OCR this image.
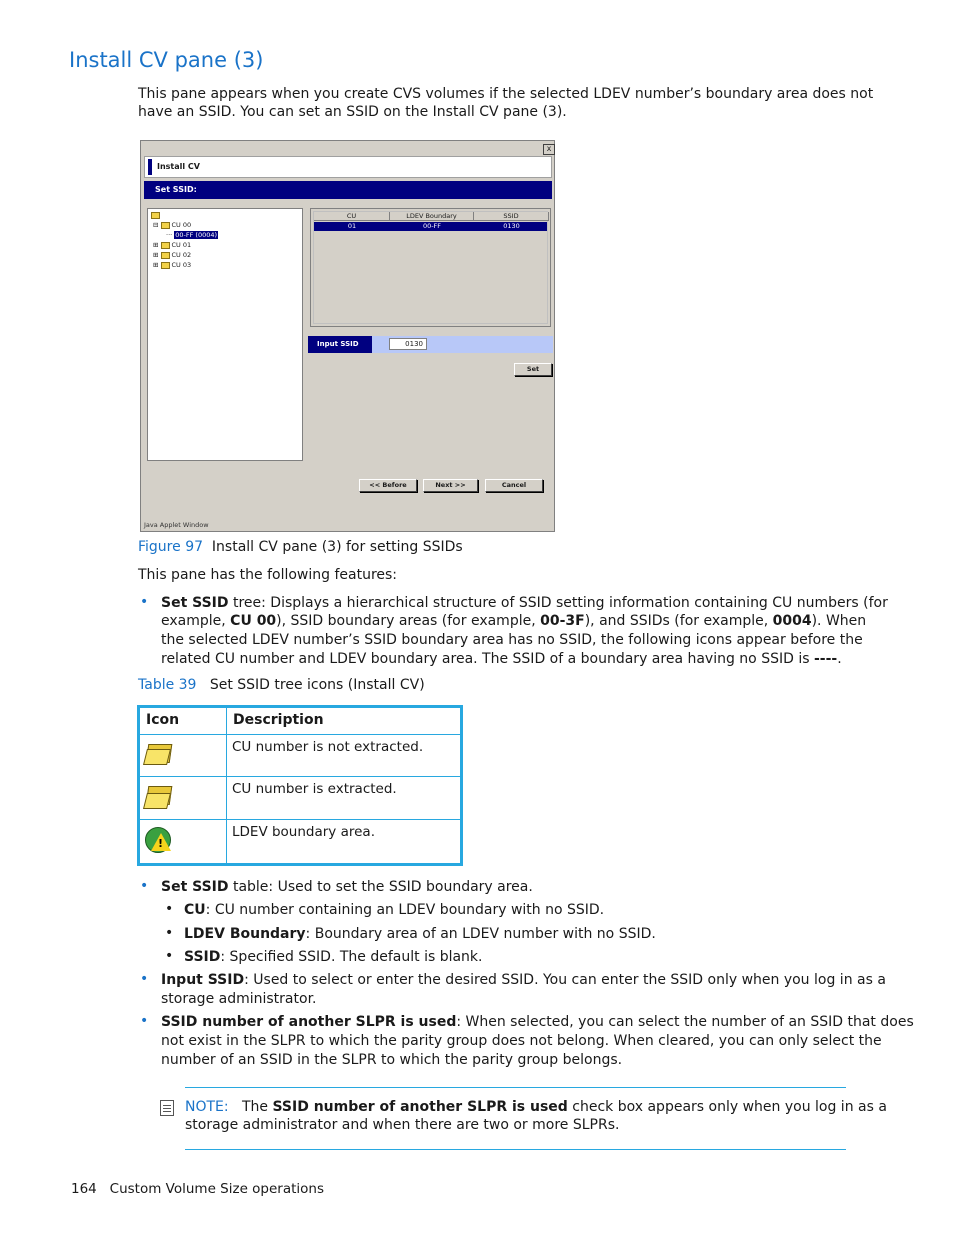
Install CV pane (3)
This pane appears when you create CVS volumes if the selected LDEV number’s boundary area does not
have an SSID. You can set an SSID on the Install CV pane (3).
x
Install CV
Set SSID:
⊟ CU 00
··· 00-FF (0004)
⊞ CU 01
⊞ CU 02
⊞ CU 03
CU	LDEV Boundary	SSID
01	00-FF	0130
Input SSID	0130
Set
<< Before	Next >>	Cancel
Java Applet Window
Figure 97 Install CV pane (3) for setting SSIDs
This pane has the following features:
• Set SSID tree: Displays a hierarchical structure of SSID setting information containing CU numbers (for
example, CU 00), SSID boundary areas (for example, 00-3F), and SSIDs (for example, 0004). When
the selected LDEV number’s SSID boundary area has no SSID, the following icons appear before the
related CU number and LDEV boundary area. The SSID of a boundary area having no SSID is ----.
Table 39 Set SSID tree icons (Install CV)
Icon	Description

	CU number is not extracted.

	CU number is extracted.

!	LDEV boundary area.
• Set SSID table: Used to set the SSID boundary area.
• CU: CU number containing an LDEV boundary with no SSID.
• LDEV Boundary: Boundary area of an LDEV number with no SSID.
• SSID: Specified SSID. The default is blank.
• Input SSID: Used to select or enter the desired SSID. You can enter the SSID only when you log in as a
storage administrator.
• SSID number of another SLPR is used: When selected, you can select the number of an SSID that does
not exist in the SLPR to which the parity group does not belong. When cleared, you can only select the
number of an SSID in the SLPR to which the parity group belongs.
NOTE: The SSID number of another SLPR is used check box appears only when you log in as a
storage administrator and when there are two or more SLPRs.
164 Custom Volume Size operations
